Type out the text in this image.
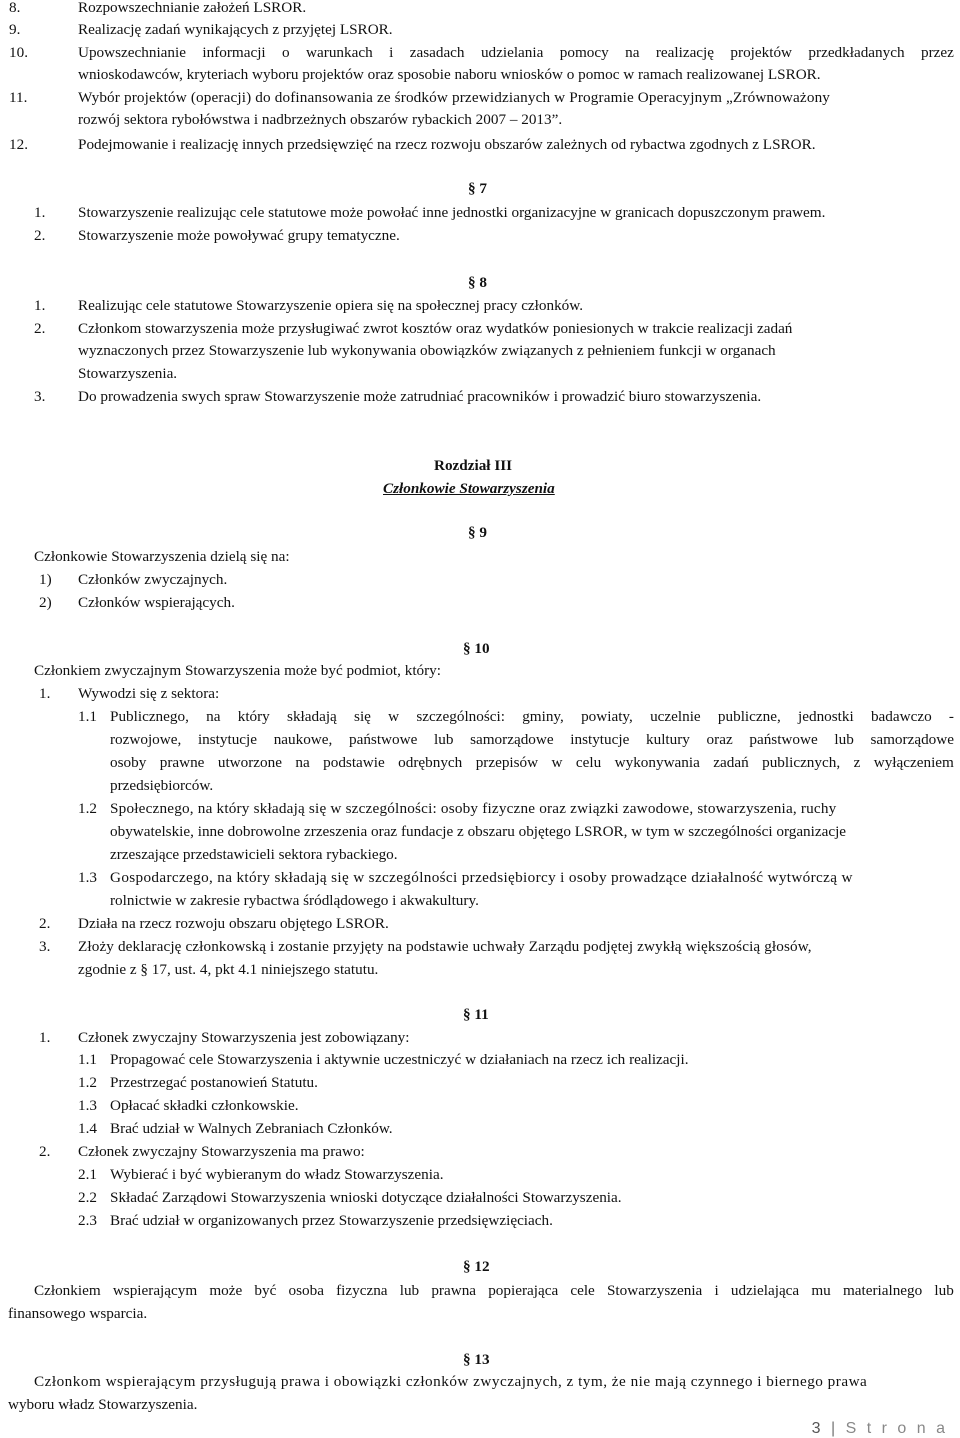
8.	Rozpowszechnianie założeń LSROR.
9.	Realizację zadań wynikających z przyjętej LSROR.
10.	Upowszechnianie informacji o warunkach i zasadach udzielania pomocy na realizację projektów przedkładanych przez
wnioskodawców, kryteriach wyboru projektów oraz sposobie naboru wniosków o pomoc w ramach realizowanej LSROR.
11.	Wybór projektów (operacji) do dofinansowania ze środków przewidzianych w Programie Operacyjnym „Zrównoważony
rozwój sektora rybołówstwa i nadbrzeżnych obszarów rybackich 2007 – 2013”.
12.	Podejmowanie i realizację innych przedsięwzięć na rzecz rozwoju obszarów zależnych od rybactwa zgodnych z LSROR.
§ 7
1. Stowarzyszenie realizując cele statutowe może powołać inne jednostki organizacyjne w granicach dopuszczonym prawem.
2. Stowarzyszenie może powoływać grupy tematyczne.
§ 8
1. Realizując cele statutowe Stowarzyszenie opiera się na społecznej pracy członków.
2. Członkom stowarzyszenia może przysługiwać zwrot kosztów oraz wydatków poniesionych w trakcie realizacji zadań
wyznaczonych przez Stowarzyszenie lub wykonywania obowiązków związanych z pełnieniem funkcji w organach
Stowarzyszenia.
3. Do prowadzenia swych spraw Stowarzyszenie może zatrudniać pracowników i prowadzić biuro stowarzyszenia.
Rozdział III
Członkowie Stowarzyszenia
§ 9
Członkowie Stowarzyszenia dzielą się na:
1) Członków zwyczajnych.
2) Członków wspierających.
§ 10
Członkiem zwyczajnym Stowarzyszenia może być podmiot, który:
1. Wywodzi się z sektora:
1.1 Publicznego, na który składają się w szczególności: gminy, powiaty, uczelnie publiczne, jednostki badawczo -
rozwojowe, instytucje naukowe, państwowe lub samorządowe instytucje kultury oraz państwowe lub samorządowe
osoby prawne utworzone na podstawie odrębnych przepisów w celu wykonywania zadań publicznych, z wyłączeniem
przedsiębiorców.
1.2 Społecznego, na który składają się w szczególności: osoby fizyczne oraz związki zawodowe, stowarzyszenia, ruchy
obywatelskie, inne dobrowolne zrzeszenia oraz fundacje z obszaru objętego LSROR, w tym w szczególności organizacje
zrzeszające przedstawicieli sektora rybackiego.
1.3 Gospodarczego, na który składają się w szczególności przedsiębiorcy i osoby prowadzące działalność wytwórczą w
rolnictwie w zakresie rybactwa śródlądowego i akwakultury.
2. Działa na rzecz rozwoju obszaru objętego LSROR.
3. Złoży deklarację członkowską i zostanie przyjęty na podstawie uchwały Zarządu podjętej zwykłą większością głosów,
zgodnie z § 17, ust. 4, pkt 4.1 niniejszego statutu.
§ 11
1. Członek zwyczajny Stowarzyszenia jest zobowiązany:
1.1 Propagować cele Stowarzyszenia i aktywnie uczestniczyć w działaniach na rzecz ich realizacji.
1.2 Przestrzegać postanowień Statutu.
1.3 Opłacać składki członkowskie.
1.4 Brać udział w Walnych Zebraniach Członków.
2. Członek zwyczajny Stowarzyszenia ma prawo:
2.1 Wybierać i być wybieranym do władz Stowarzyszenia.
2.2 Składać Zarządowi Stowarzyszenia wnioski dotyczące działalności Stowarzyszenia.
2.3 Brać udział w organizowanych przez Stowarzyszenie przedsięwzięciach.
§ 12
Członkiem wspierającym może być osoba fizyczna lub prawna popierająca cele Stowarzyszenia i udzielająca mu materialnego lub
finansowego wsparcia.
§ 13
Członkom wspierającym przysługują prawa i obowiązki członków zwyczajnych, z tym, że nie mają czynnego i biernego prawa
wyboru władz Stowarzyszenia.
3 | S t r o n a
